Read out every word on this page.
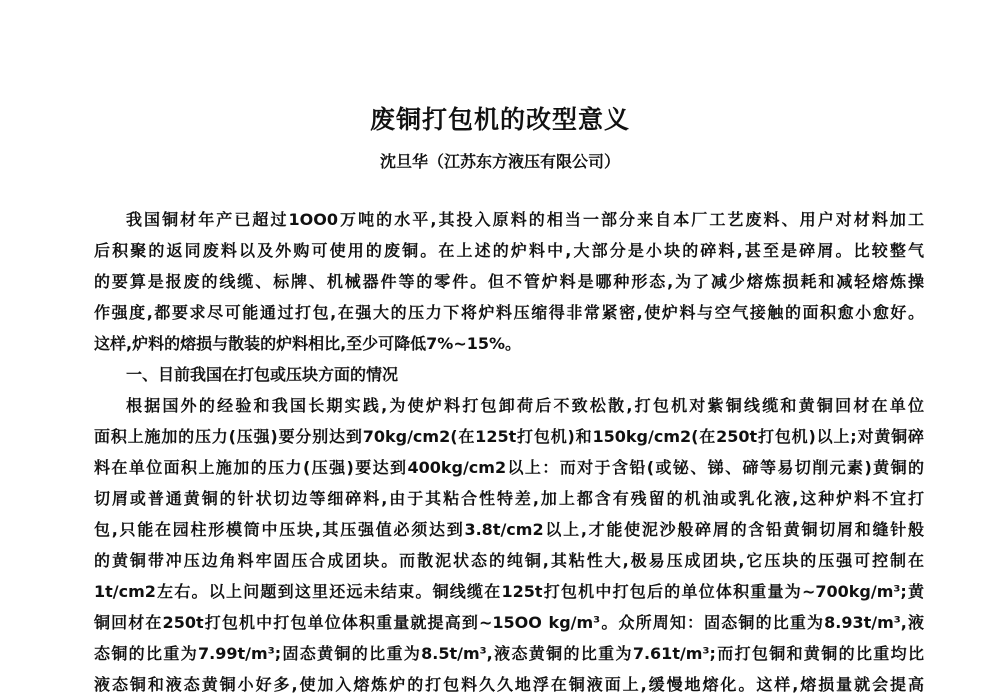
废铜打包机的改型意义
沈旦华（江苏东方液压有限公司）
我国铜材年产已超过1OO0万吨的水平,其投入原料的相当一部分来自本厂工艺废料、用户对材料加工
后积聚的返同废料以及外购可使用的废铜。在上述的炉料中,大部分是小块的碎料,甚至是碎屑。比较整气
的要算是报废的线缆、标牌、机械器件等的零件。但不管炉料是哪种形态,为了减少熔炼损耗和减轻熔炼操
作强度,都要求尽可能通过打包,在强大的压力下将炉料压缩得非常紧密,使炉料与空气接触的面积愈小愈好。
这样,炉料的熔损与散装的炉料相比,至少可降低7%~15%。
一、目前我国在打包或压块方面的情况
根据国外的经验和我国长期实践,为使炉料打包卸荷后不致松散,打包机对紫铜线缆和黄铜回材在单位
面积上施加的压力(压强)要分别达到70kg/cm2(在125t打包机)和150kg/cm2(在250t打包机)以上;对黄铜碎
料在单位面积上施加的压力(压强)要达到400kg/cm2以上：而对于含铅(或铋、锑、碲等易切削元素)黄铜的
切屑或普通黄铜的针状切边等细碎料,由于其粘合性特差,加上都含有残留的机油或乳化液,这种炉料不宜打
包,只能在园柱形模筒中压块,其压强值必须达到3.8t/cm2以上,才能使泥沙般碎屑的含铅黄铜切屑和缝针般
的黄铜带冲压边角料牢固压合成团块。而散泥状态的纯铜,其粘性大,极易压成团块,它压块的压强可控制在
1t/cm2左右。以上问题到这里还远未结束。铜线缆在125t打包机中打包后的单位体积重量为~700kg/m³;黄
铜回材在250t打包机中打包单位体积重量就提高到~15OO kg/m³。众所周知：固态铜的比重为8.93t/m³,液
态铜的比重为7.99t/m³;固态黄铜的比重为8.5t/m³,液态黄铜的比重为7.61t/m³;而打包铜和黄铜的比重均比
液态铜和液态黄铜小好多,使加入熔炼炉的打包料久久地浮在铜液面上,缓慢地熔化。这样,熔损量就会提高
